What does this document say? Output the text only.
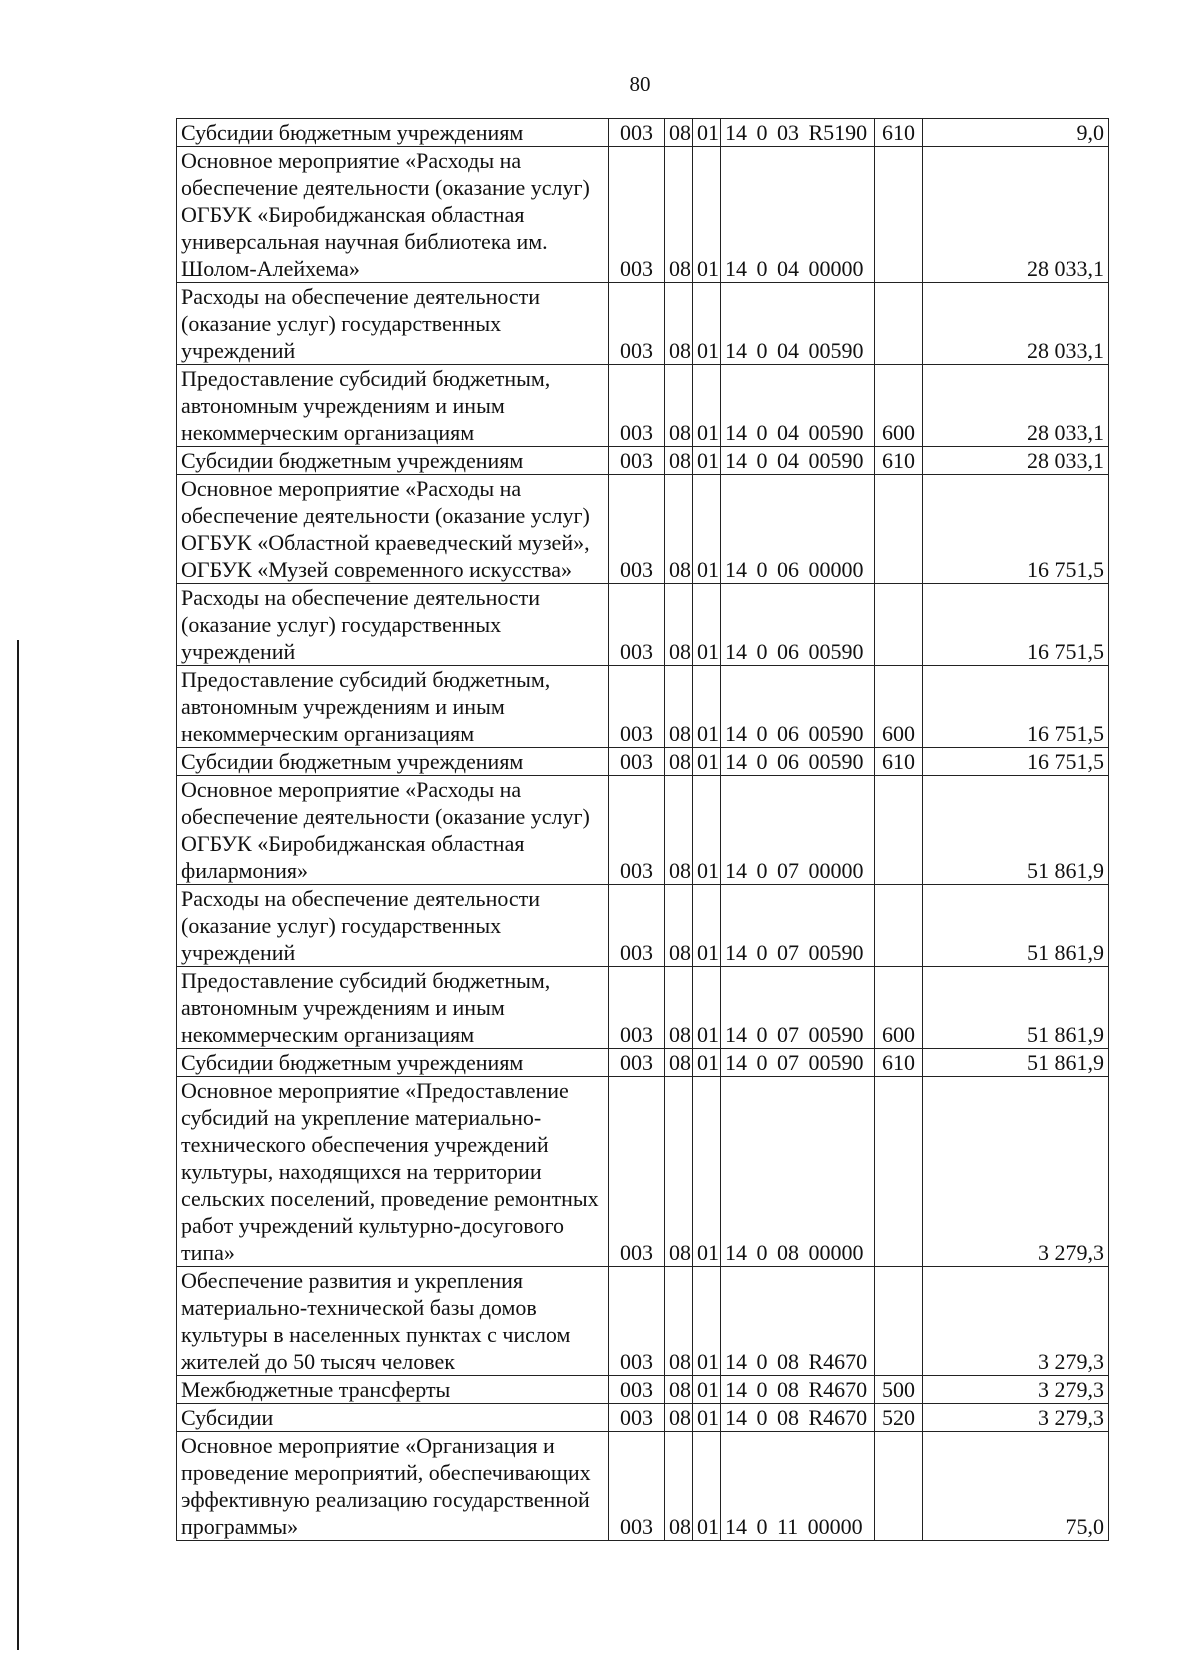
80
Субсидии бюджетным учреждениям	003	08	01	14 0 03 R5190	610	9,0
Основное мероприятие «Расходы на обеспечение деятельности (оказание услуг) ОГБУК «Биробиджанская областная универсальная научная библиотека им. Шолом-Алейхема»	003	08	01	14 0 04 00000		28 033,1
Расходы на обеспечение деятельности (оказание услуг) государственных учреждений	003	08	01	14 0 04 00590		28 033,1
Предоставление субсидий бюджетным, автономным учреждениям и иным некоммерческим организациям	003	08	01	14 0 04 00590	600	28 033,1
Субсидии бюджетным учреждениям	003	08	01	14 0 04 00590	610	28 033,1
Основное мероприятие «Расходы на обеспечение деятельности (оказание услуг) ОГБУК «Областной краеведческий музей», ОГБУК «Музей современного искусства»	003	08	01	14 0 06 00000		16 751,5
Расходы на обеспечение деятельности (оказание услуг) государственных учреждений	003	08	01	14 0 06 00590		16 751,5
Предоставление субсидий бюджетным, автономным учреждениям и иным некоммерческим организациям	003	08	01	14 0 06 00590	600	16 751,5
Субсидии бюджетным учреждениям	003	08	01	14 0 06 00590	610	16 751,5
Основное мероприятие «Расходы на обеспечение деятельности (оказание услуг) ОГБУК «Биробиджанская областная филармония»	003	08	01	14 0 07 00000		51 861,9
Расходы на обеспечение деятельности (оказание услуг) государственных учреждений	003	08	01	14 0 07 00590		51 861,9
Предоставление субсидий бюджетным, автономным учреждениям и иным некоммерческим организациям	003	08	01	14 0 07 00590	600	51 861,9
Субсидии бюджетным учреждениям	003	08	01	14 0 07 00590	610	51 861,9
Основное мероприятие «Предоставление субсидий на укрепление материально-технического обеспечения учреждений культуры, находящихся на территории сельских поселений, проведение ремонтных работ учреждений культурно-досугового типа»	003	08	01	14 0 08 00000		3 279,3
Обеспечение развития и укрепления материально-технической базы домов культуры в населенных пунктах с числом жителей до 50 тысяч человек	003	08	01	14 0 08 R4670		3 279,3
Межбюджетные трансферты	003	08	01	14 0 08 R4670	500	3 279,3
Субсидии	003	08	01	14 0 08 R4670	520	3 279,3
Основное мероприятие «Организация и проведение мероприятий, обеспечивающих эффективную реализацию государственной программы»	003	08	01	14 0 11 00000		75,0
